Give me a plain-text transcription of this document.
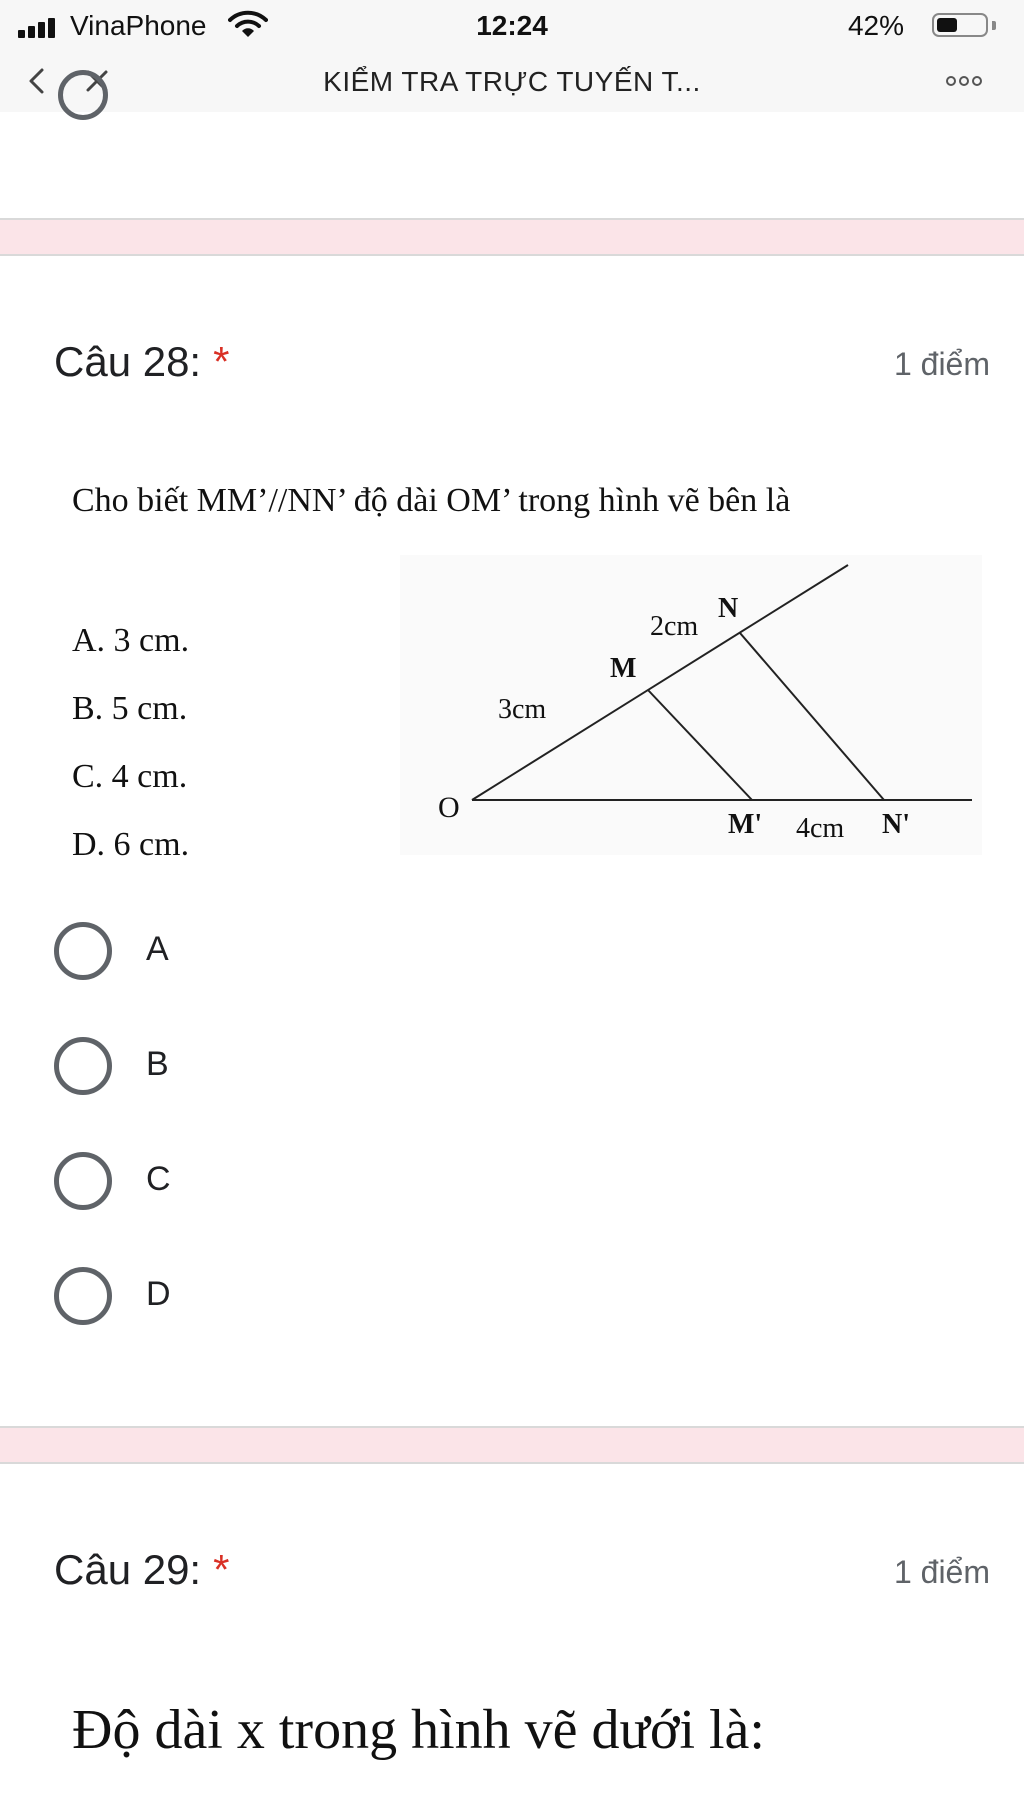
VinaPhone	12:24	42%
KIỂM TRA TRỰC TUYẾN T...
Câu 28: *	1 điểm
Cho biết MM’//NN’ độ dài OM’ trong hình vẽ bên là
A. 3 cm.
B. 5 cm.
C. 4 cm.
D. 6 cm.
O
3cm
M
2cm
N
M' 4cm N'
A
B
C
D
Câu 29: *	1 điểm
Độ dài x trong hình vẽ dưới là:
